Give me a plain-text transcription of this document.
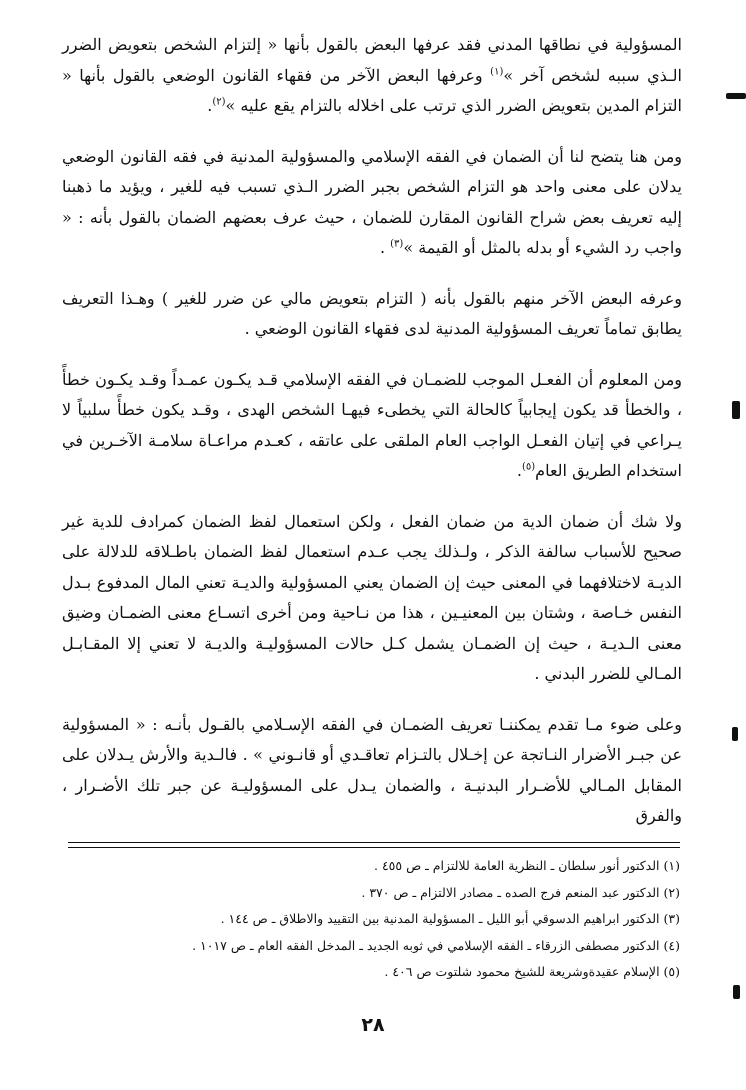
المسؤولية في نطاقها المدني فقد عرفها البعض بالقول بأنها « إلتزام الشخص بتعويض الضرر الـذي سببه لشخص آخر »$^{(١)}$ وعرفها البعض الآخر من فقهاء القانون الوضعي بالقول بأنها « التزام المدين بتعويض الضرر الذي ترتب على اخلاله بالتزام يقع عليه »$^{(٢)}$.

ومن هنا يتضح لنا أن الضمان في الفقه الإسلامي والمسؤولية المدنية في فقه القانون الوضعي يدلان على معنى واحد هو التزام الشخص بجبر الضرر الـذي تسبب فيه للغير ، ويؤيد ما ذهبنا إليه تعريف بعض شراح القانون المقارن للضمان ، حيث عرف بعضهم الضمان بالقول بأنه : « واجب رد الشيء أو بدله بالمثل أو القيمة »$^{(٣)}$ .

وعرفه البعض الآخر منهم بالقول بأنه ( التزام بتعويض مالي عن ضرر للغير ) وهـذا التعريف يطابق تماماً تعريف المسؤولية المدنية لدى فقهاء القانون الوضعي .

ومن المعلوم أن الفعـل الموجب للضمـان في الفقه الإسلامي قـد يكـون عمـداً وقـد يكـون خطأً ، والخطأ قد يكون إيجابياً كالحالة التي يخطىء فيهـا الشخص الهدى ، وقـد يكون خطأً سلبياً لا يـراعي في إتيان الفعـل الواجب العام الملقى على عاتقه ، كعـدم مراعـاة سلامـة الآخـرين في استخدام الطريق العام$^{(٥)}$.

ولا شك أن ضمان الدية من ضمان الفعل ، ولكن استعمال لفظ الضمان كمرادف للدية غير صحيح للأسباب سالفة الذكر ، ولـذلك يجب عـدم استعمال لفظ الضمان باطـلاقه للدلالة على الديـة لاختلافهما في المعنى حيث إن الضمان يعني المسؤولية والديـة تعني المال المدفوع بـدل النفس خـاصة ، وشتان بين المعنيـين ، هذا من نـاحية ومن أخرى اتسـاع معنى الضمـان وضيق معنى الـديـة ، حيث إن الضمـان يشمل كـل حالات المسؤوليـة والديـة لا تعني إلا المقـابـل المـالي للضرر البدني .

وعلى ضوء مـا تقدم يمكننـا تعريف الضمـان في الفقه الإسـلامي بالقـول بأنـه : « المسؤولية عن جبـر الأضرار النـاتجة عن إخـلال بالتـزام تعاقـدي أو قانـوني » . فالـدية والأرش يـدلان على المقابل المـالي للأضـرار البدنيـة ، والضمان يـدل على المسؤوليـة عن جبر تلك الأضـرار ، والفرق

(١) الدكتور أنور سلطان ـ النظرية العامة للالتزام ـ ص ٤٥٥ .
(٢) الدكتور عبد المنعم فرج الصده ـ مصادر الالتزام ـ ص ٣٧٠ .
(٣) الدكتور ابراهيم الدسوقي أبو الليل ـ المسؤولية المدنية بين التقييد والاطلاق ـ ص ١٤٤ .
(٤) الدكتور مصطفى الزرقاء ـ الفقه الإسلامي في ثوبه الجديد ـ المدخل الفقه العام ـ ص ١٠١٧ .
(٥) الإسلام عقيدةوشريعة للشيخ محمود شلتوت ص ٤٠٦ .
٢٨
